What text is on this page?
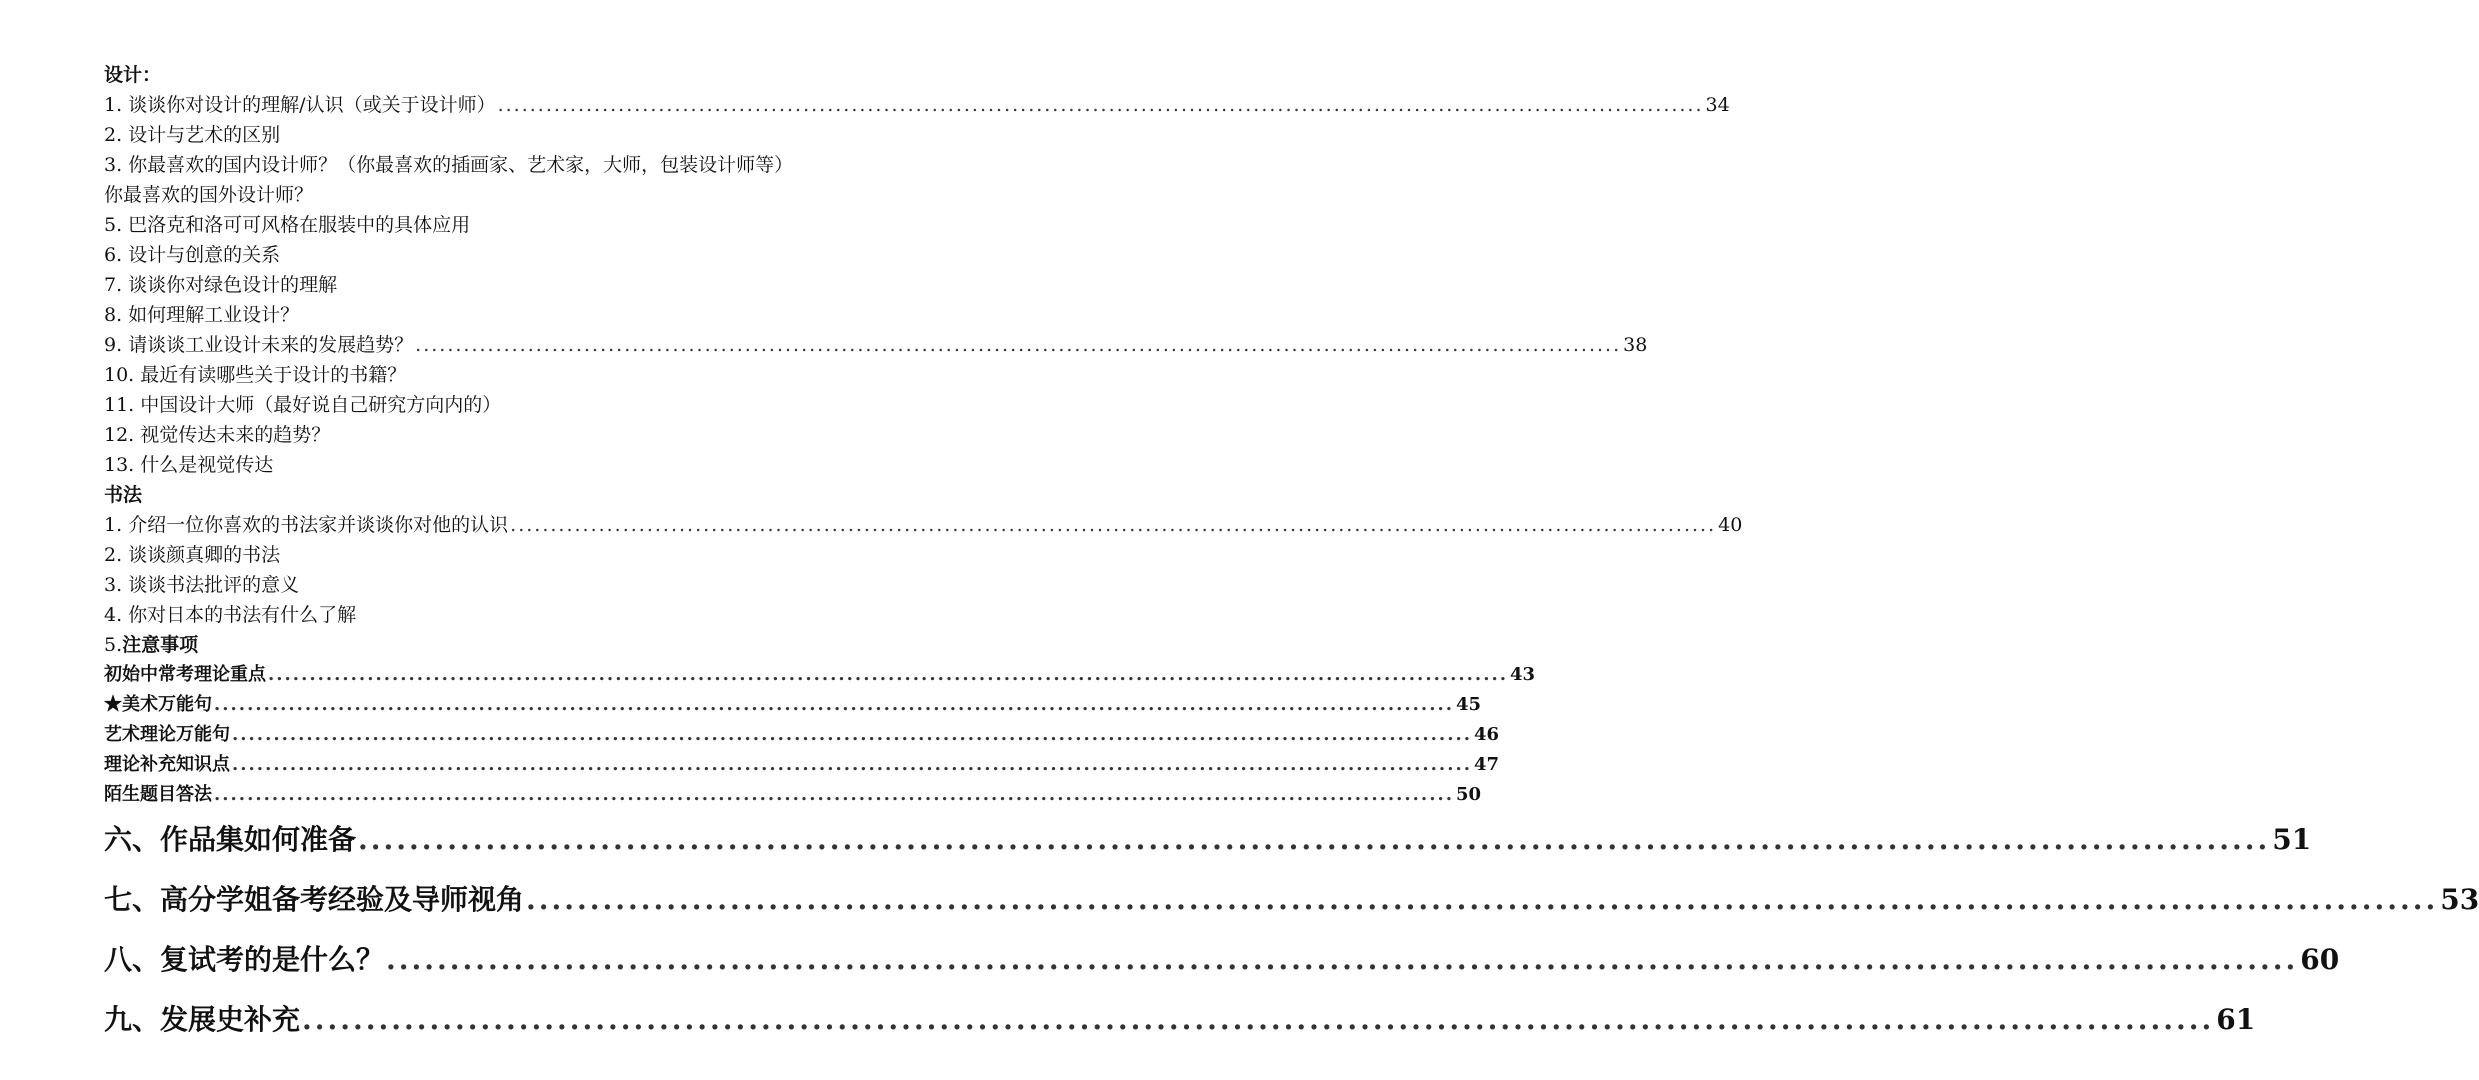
设计：
1. 谈谈你对设计的理解/认识（或关于设计师） ...................................................................................................................................................... 34
2. 设计与艺术的区别
3. 你最喜欢的国内设计师？（你最喜欢的插画家、艺术家，大师，包装设计师等）
你最喜欢的国外设计师？
5. 巴洛克和洛可可风格在服装中的具体应用
6. 设计与创意的关系
7. 谈谈你对绿色设计的理解
8. 如何理解工业设计？
9. 请谈谈工业设计未来的发展趋势？ ...................................................................................................................................................... 38
10. 最近有读哪些关于设计的书籍？
11. 中国设计大师（最好说自己研究方向内的）
12. 视觉传达未来的趋势？
13. 什么是视觉传达
书法
1. 介绍一位你喜欢的书法家并谈谈你对他的认识 ...................................................................................................................................................... 40
2. 谈谈颜真卿的书法
3. 谈谈书法批评的意义
4. 你对日本的书法有什么了解
5. 注意事项
初始中常考理论重点 ...................................................................................................................................................... 43
★美术万能句 ...................................................................................................................................................... 45
艺术理论万能句 ...................................................................................................................................................... 46
理论补充知识点 ...................................................................................................................................................... 47
陌生题目答法 ...................................................................................................................................................... 50
六、作品集如何准备 ...................................................................................................................................................... 51
七、高分学姐备考经验及导师视角 ...................................................................................................................................................... 53
八、复试考的是什么？ ...................................................................................................................................................... 60
九、发展史补充 ...................................................................................................................................................... 61
